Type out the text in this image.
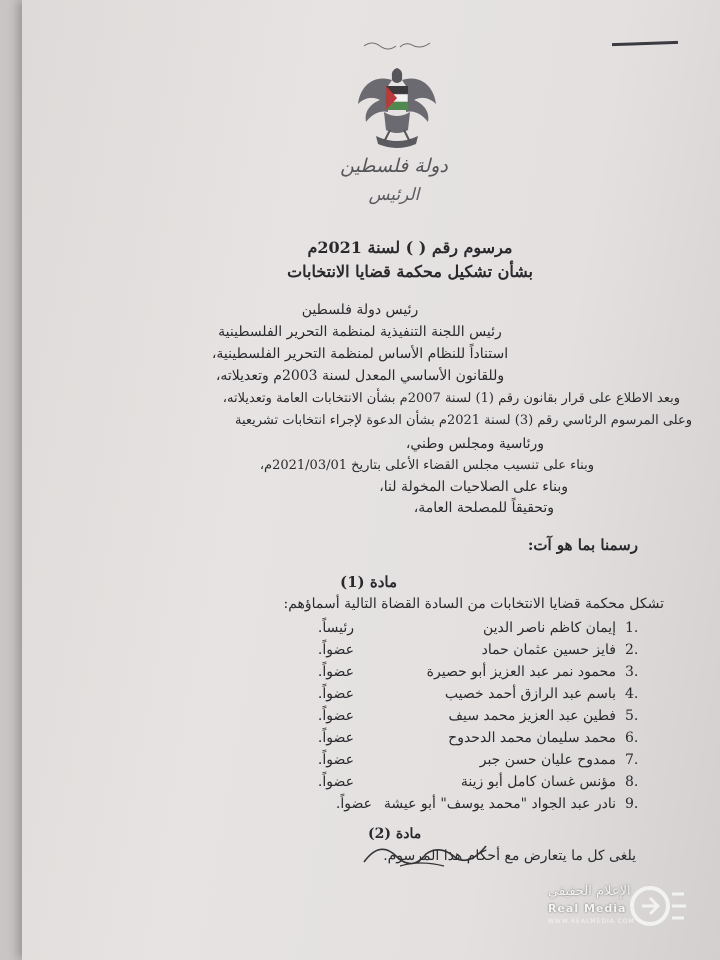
دولة فلسطين
الرئيس
مرسوم رقم ( ) لسنة 2021م
بشأن تشكيل محكمة قضايا الانتخابات
رئيس دولة فلسطين
رئيس اللجنة التنفيذية لمنظمة التحرير الفلسطينية
استناداً للنظام الأساس لمنظمة التحرير الفلسطينية،
وللقانون الأساسي المعدل لسنة 2003م وتعديلاته،
وبعد الاطلاع على قرار بقانون رقم (1) لسنة 2007م بشأن الانتخابات العامة وتعديلاته،
وعلى المرسوم الرئاسي رقم (3) لسنة 2021م بشأن الدعوة لإجراء انتخابات تشريعية
ورئاسية ومجلس وطني،
وبناء على تنسيب مجلس القضاء الأعلى بتاريخ 2021/03/01م،
وبناء على الصلاحيات المخولة لنا،
وتحقيقاً للمصلحة العامة،
رسمنا بما هو آت:
مادة (1)
تشكل محكمة قضايا الانتخابات من السادة القضاة التالية أسماؤهم:
1.
إيمان كاظم ناصر الدين
رئيساً.
2.
فايز حسين عثمان حماد
عضواً.
3.
محمود نمر عبد العزيز أبو حصيرة
عضواً.
4.
باسم عبد الرازق أحمد خصيب
عضواً.
5.
فطين عبد العزيز محمد سيف
عضواً.
6.
محمد سليمان محمد الدحدوح
عضواً.
7.
ممدوح عليان حسن جبر
عضواً.
8.
مؤنس غسان كامل أبو زينة
عضواً.
9.
نادر عبد الجواد "محمد يوسف" أبو عيشة
عضواً.
مادة (2)
يلغى كل ما يتعارض مع أحكام هذا المرسوم.
الإعلام الحقيقي
Real Media
WWW.REALMEDIA.COM
